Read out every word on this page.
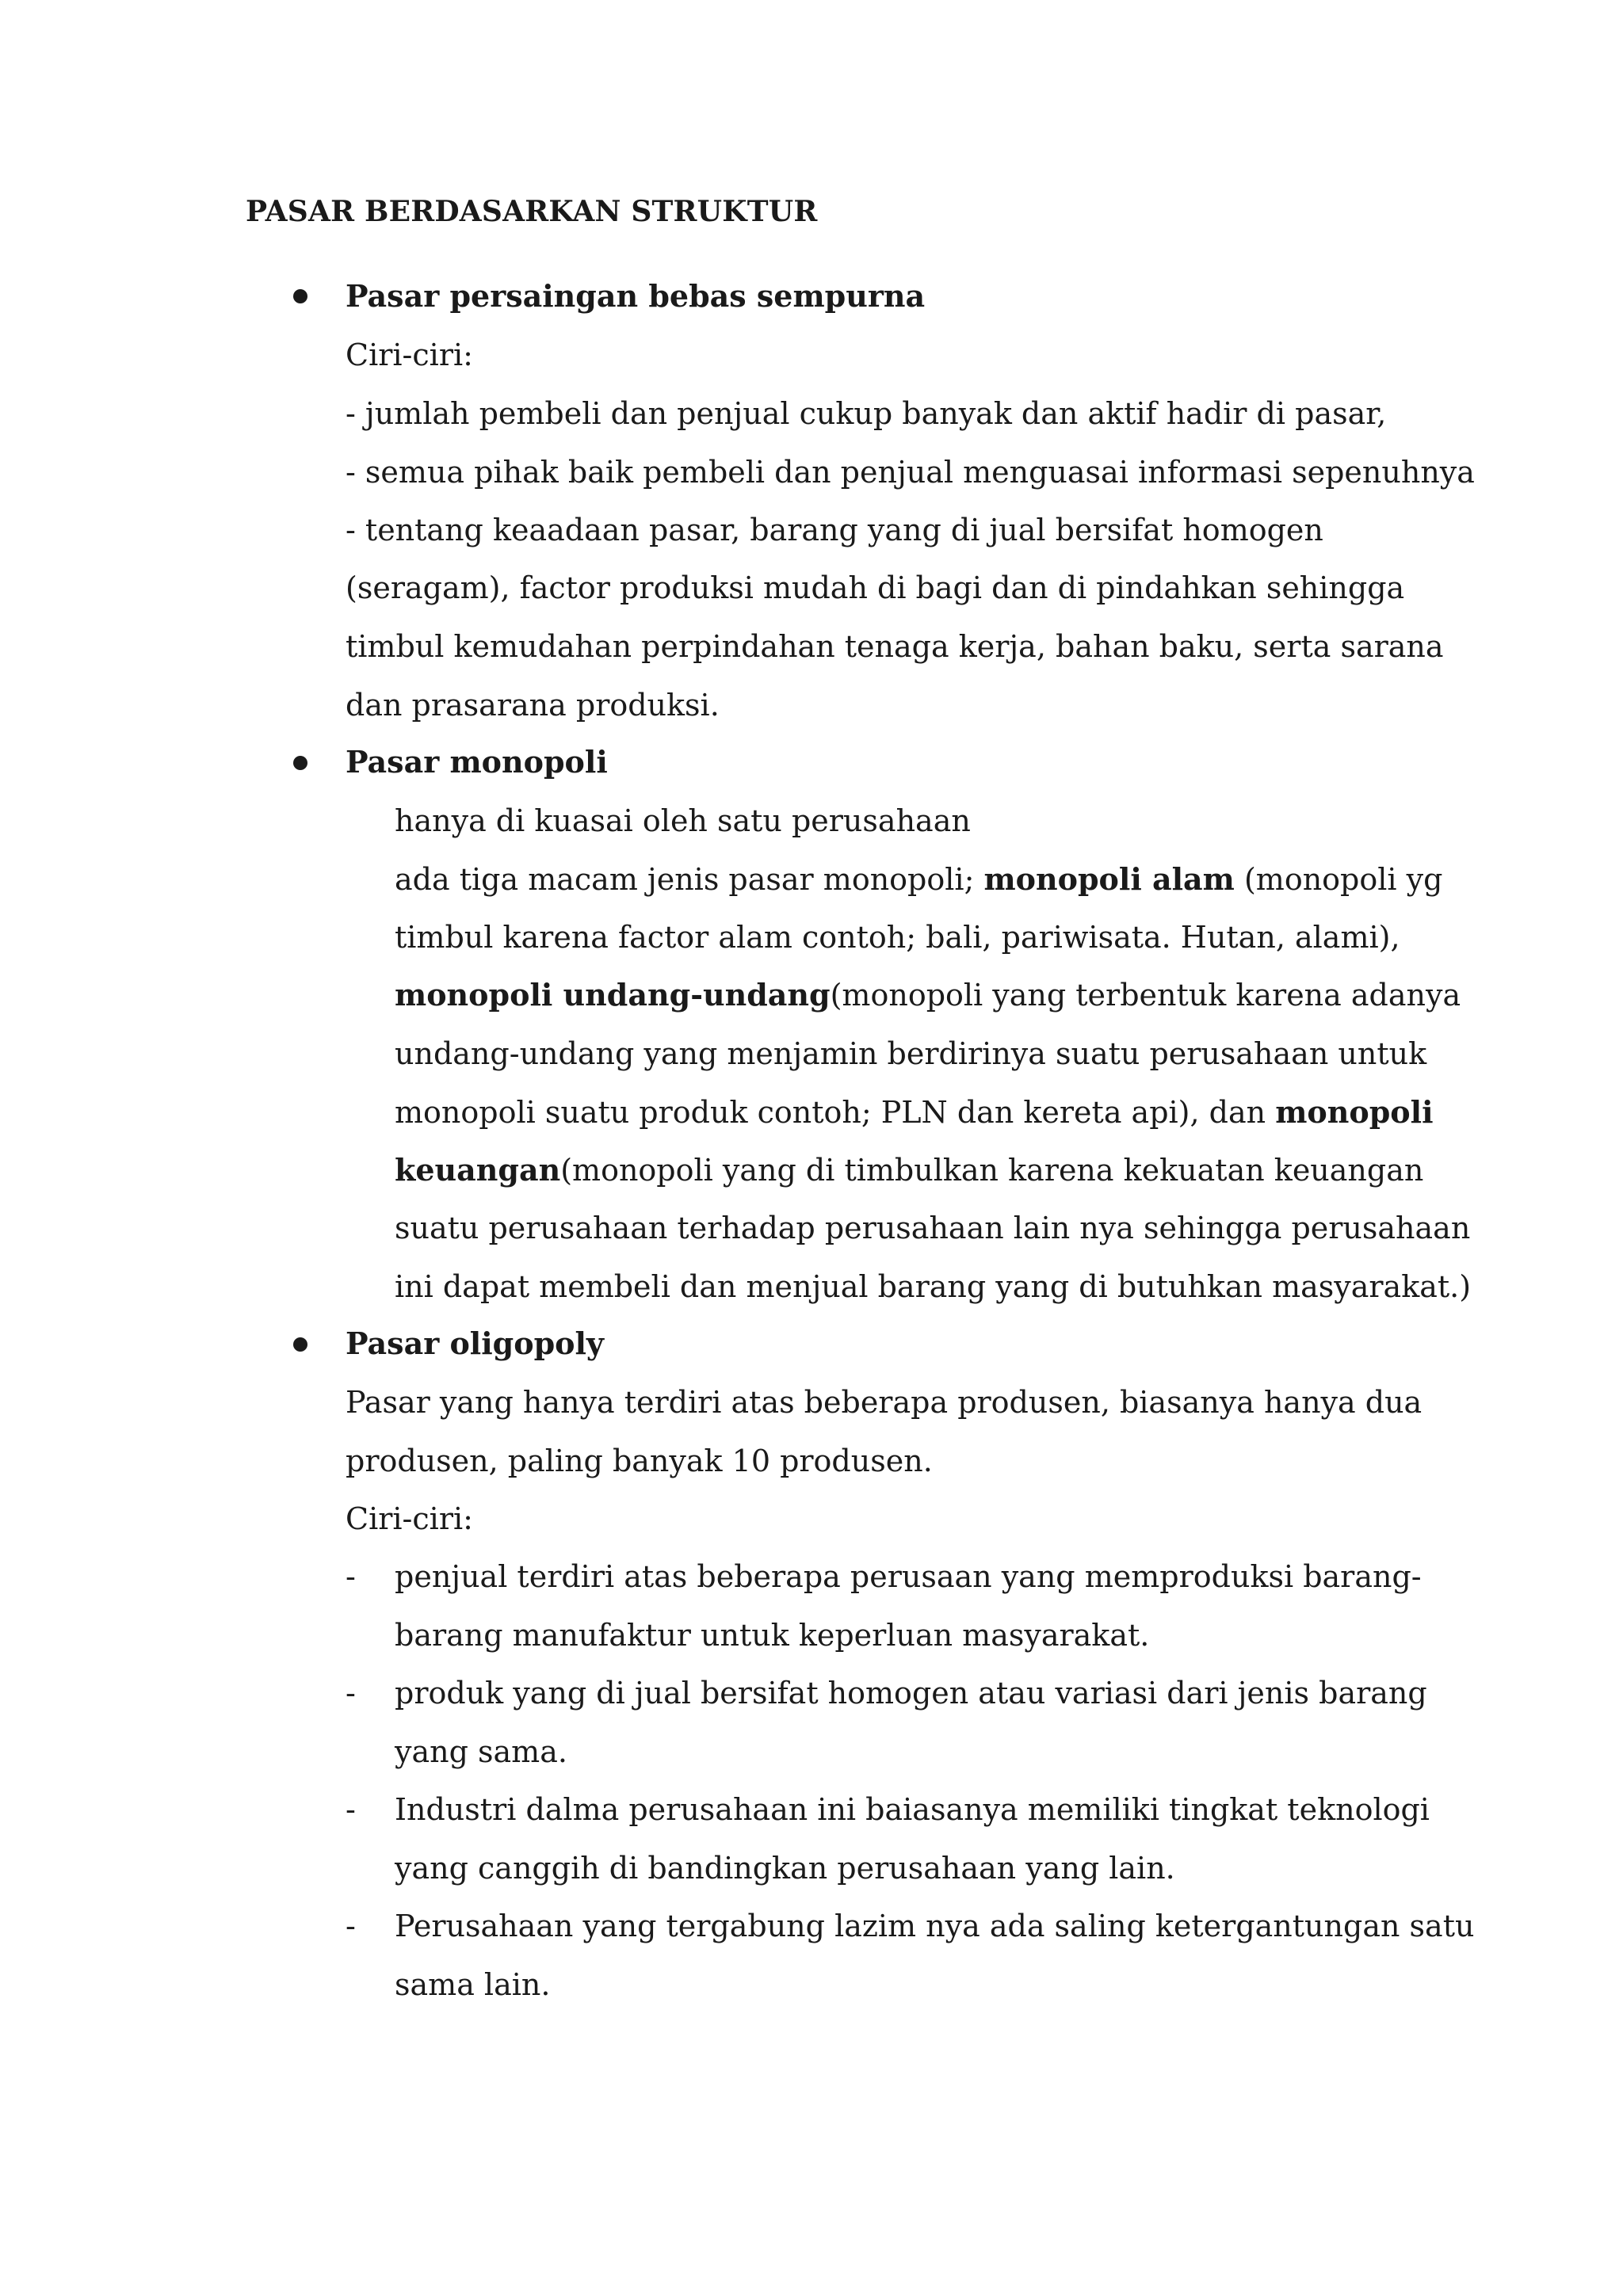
PASAR BERDASARKAN STRUKTUR
Pasar persaingan bebas sempurna
Ciri-ciri:
- jumlah pembeli dan penjual cukup banyak dan aktif hadir di pasar,
- semua pihak baik pembeli dan penjual menguasai informasi sepenuhnya
- tentang keaadaan pasar, barang yang di jual bersifat homogen
(seragam), factor produksi mudah di bagi dan di pindahkan sehingga
timbul kemudahan perpindahan tenaga kerja, bahan baku, serta sarana
dan prasarana produksi.
Pasar monopoli
hanya di kuasai oleh satu perusahaan
ada tiga macam jenis pasar monopoli; monopoli alam (monopoli yg
timbul karena factor alam contoh; bali, pariwisata. Hutan, alami),
monopoli undang-undang(monopoli yang terbentuk karena adanya
undang-undang yang menjamin berdirinya suatu perusahaan untuk
monopoli suatu produk contoh; PLN dan kereta api), dan monopoli
keuangan(monopoli yang di timbulkan karena kekuatan keuangan
suatu perusahaan terhadap perusahaan lain nya sehingga perusahaan
ini dapat membeli dan menjual barang yang di butuhkan masyarakat.)
Pasar oligopoly
Pasar yang hanya terdiri atas beberapa produsen, biasanya hanya dua
produsen, paling banyak 10 produsen.
Ciri-ciri:
- penjual terdiri atas beberapa perusaan yang memproduksi barang-
barang manufaktur untuk keperluan masyarakat.
- produk yang di jual bersifat homogen atau variasi dari jenis barang
yang sama.
- Industri dalma perusahaan ini baiasanya memiliki tingkat teknologi
yang canggih di bandingkan perusahaan yang lain.
- Perusahaan yang tergabung lazim nya ada saling ketergantungan satu
sama lain.
